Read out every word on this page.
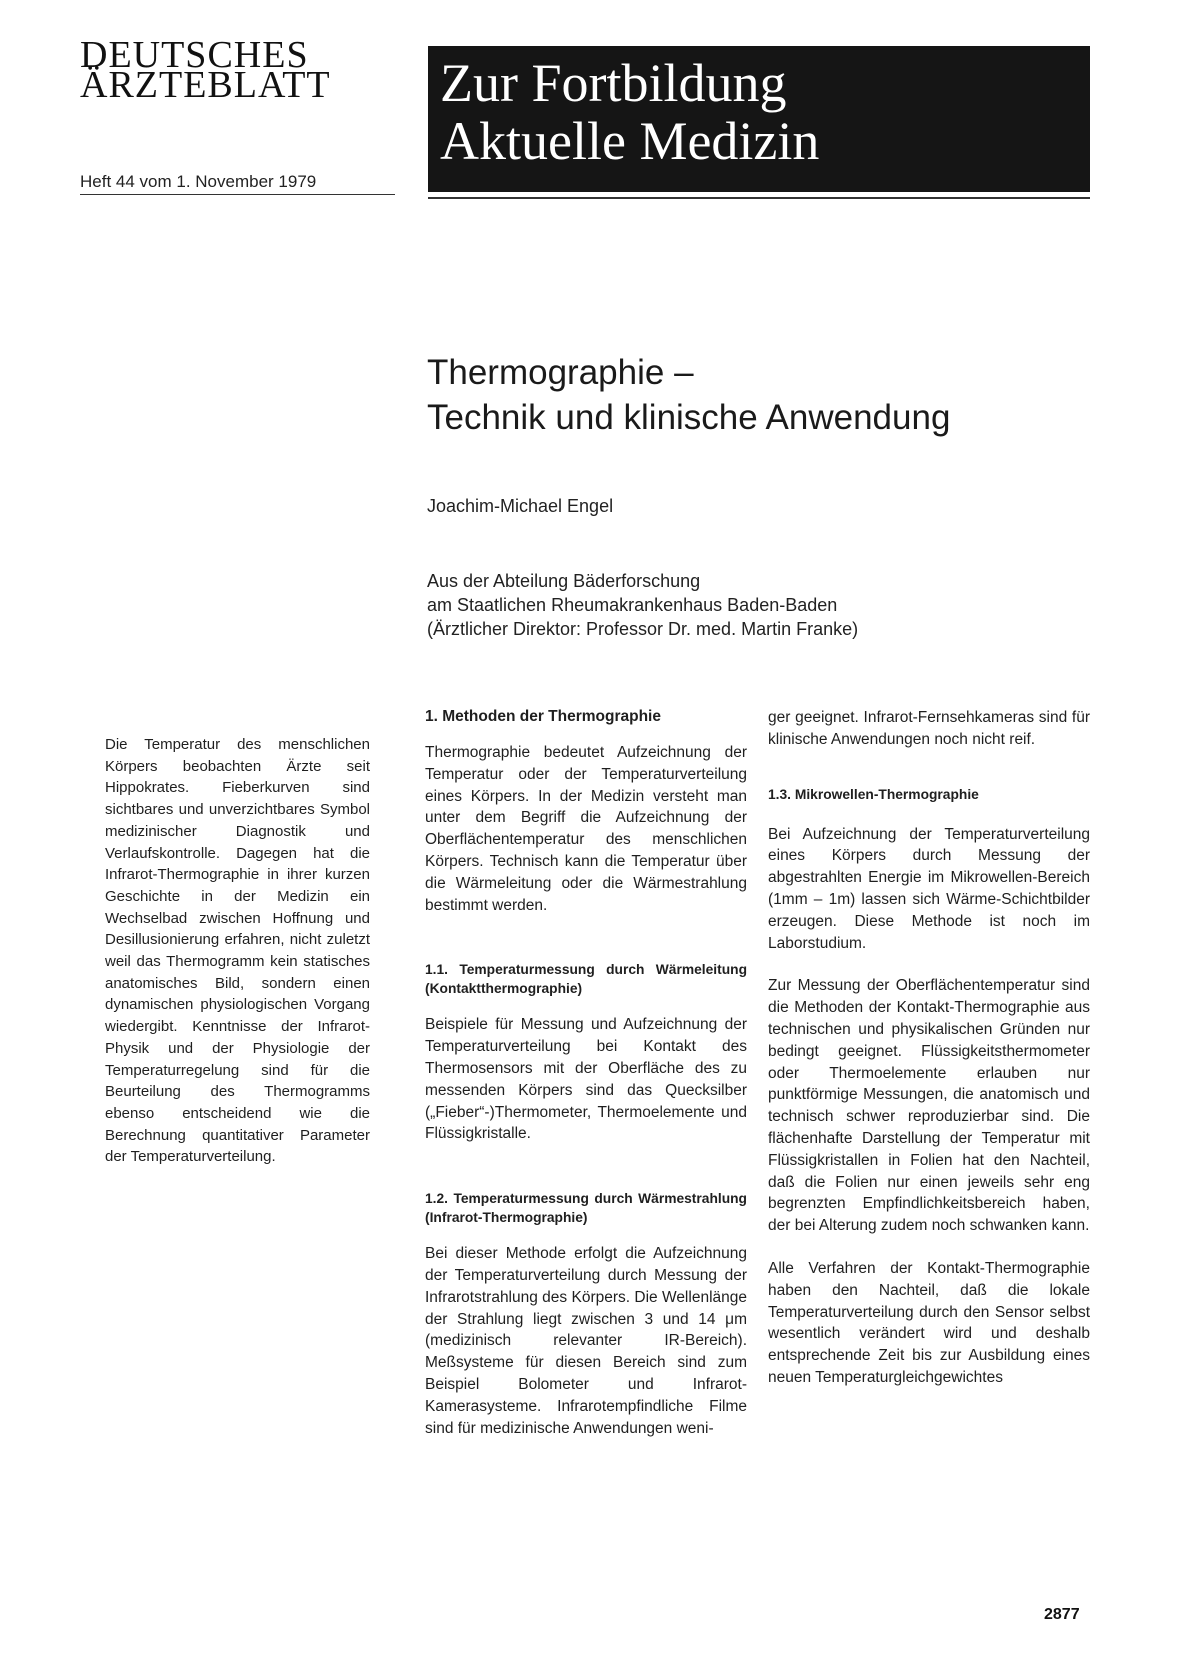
DEUTSCHES
ÄRZTEBLATT
Heft 44 vom 1. November 1979
Zur Fortbildung
Aktuelle Medizin
Thermographie –
Technik und klinische Anwendung
Joachim-Michael Engel
Aus der Abteilung Bäderforschung
am Staatlichen Rheumakrankenhaus Baden-Baden
(Ärztlicher Direktor: Professor Dr. med. Martin Franke)

Die Temperatur des menschlichen Körpers beobachten Ärzte seit Hippokrates. Fieberkurven sind sichtbares und unverzichtbares Symbol medizinischer Diagnostik und Verlaufskontrolle. Dagegen hat die Infrarot-Thermographie in ihrer kurzen Geschichte in der Medizin ein Wechselbad zwischen Hoffnung und Desillusionierung erfahren, nicht zuletzt weil das Thermogramm kein statisches anatomisches Bild, sondern einen dynamischen physiologischen Vorgang wiedergibt. Kenntnisse der Infrarot-Physik und der Physiologie der Temperaturregelung sind für die Beurteilung des Thermogramms ebenso entscheidend wie die Berechnung quantitativer Parameter der Temperaturverteilung.

1. Methoden der Thermographie

Thermographie bedeutet Aufzeichnung der Temperatur oder der Temperaturverteilung eines Körpers. In der Medizin versteht man unter dem Begriff die Aufzeichnung der Oberflächentemperatur des menschlichen Körpers. Technisch kann die Temperatur über die Wärmeleitung oder die Wärmestrahlung bestimmt werden.

1.1. Temperaturmessung durch Wärmeleitung (Kontaktthermographie)

Beispiele für Messung und Aufzeichnung der Temperaturverteilung bei Kontakt des Thermosensors mit der Oberfläche des zu messenden Körpers sind das Quecksilber („Fieber“-)Thermometer, Thermoelemente und Flüssigkristalle.

1.2. Temperaturmessung durch Wärmestrahlung (Infrarot-Thermographie)

Bei dieser Methode erfolgt die Aufzeichnung der Temperaturverteilung durch Messung der Infrarotstrahlung des Körpers. Die Wellenlänge der Strahlung liegt zwischen 3 und 14 μm (medizinisch relevanter IR-Bereich). Meßsysteme für diesen Bereich sind zum Beispiel Bolometer und Infrarot-Kamerasysteme. Infrarotempfindliche Filme sind für medizinische Anwendungen weni-

ger geeignet. Infrarot-Fernsehkameras sind für klinische Anwendungen noch nicht reif.

1.3. Mikrowellen-Thermographie

Bei Aufzeichnung der Temperaturverteilung eines Körpers durch Messung der abgestrahlten Energie im Mikrowellen-Bereich (1mm – 1m) lassen sich Wärme-Schichtbilder erzeugen. Diese Methode ist noch im Laborstudium.

Zur Messung der Oberflächentemperatur sind die Methoden der Kontakt-Thermographie aus technischen und physikalischen Gründen nur bedingt geeignet. Flüssigkeitsthermometer oder Thermoelemente erlauben nur punktförmige Messungen, die anatomisch und technisch schwer reproduzierbar sind. Die flächenhafte Darstellung der Temperatur mit Flüssigkristallen in Folien hat den Nachteil, daß die Folien nur einen jeweils sehr eng begrenzten Empfindlichkeitsbereich haben, der bei Alterung zudem noch schwanken kann.

Alle Verfahren der Kontakt-Thermographie haben den Nachteil, daß die lokale Temperaturverteilung durch den Sensor selbst wesentlich verändert wird und deshalb entsprechende Zeit bis zur Ausbildung eines neuen Temperaturgleichgewichtes

2877
